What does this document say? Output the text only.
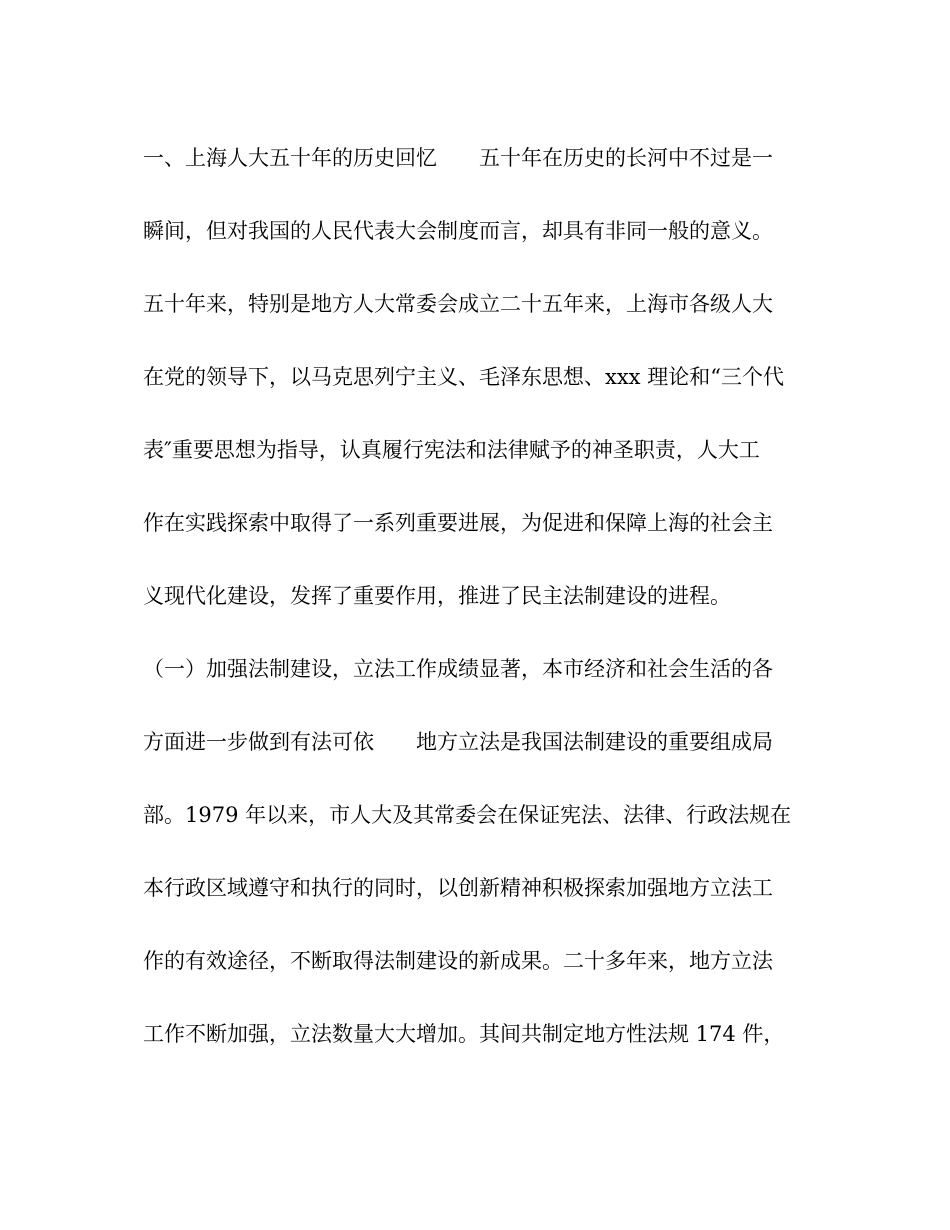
一、上海人大五十年的历史回忆　　五十年在历史的长河中不过是一
瞬间，但对我国的人民代表大会制度而言，却具有非同一般的意义。
五十年来，特别是地方人大常委会成立二十五年来，上海市各级人大
在党的领导下，以马克思列宁主义、毛泽东思想、xxx 理论和“三个代
表″重要思想为指导，认真履行宪法和法律赋予的神圣职责，人大工
作在实践探索中取得了一系列重要进展，为促进和保障上海的社会主
义现代化建设，发挥了重要作用，推进了民主法制建设的进程。
（一）加强法制建设，立法工作成绩显著，本市经济和社会生活的各
方面进一步做到有法可依　　地方立法是我国法制建设的重要组成局
部。1979 年以来，市人大及其常委会在保证宪法、法律、行政法规在
本行政区域遵守和执行的同时，以创新精神积极探索加强地方立法工
作的有效途径，不断取得法制建设的新成果。二十多年来，地方立法
工作不断加强，立法数量大大增加。其间共制定地方性法规 174 件，
